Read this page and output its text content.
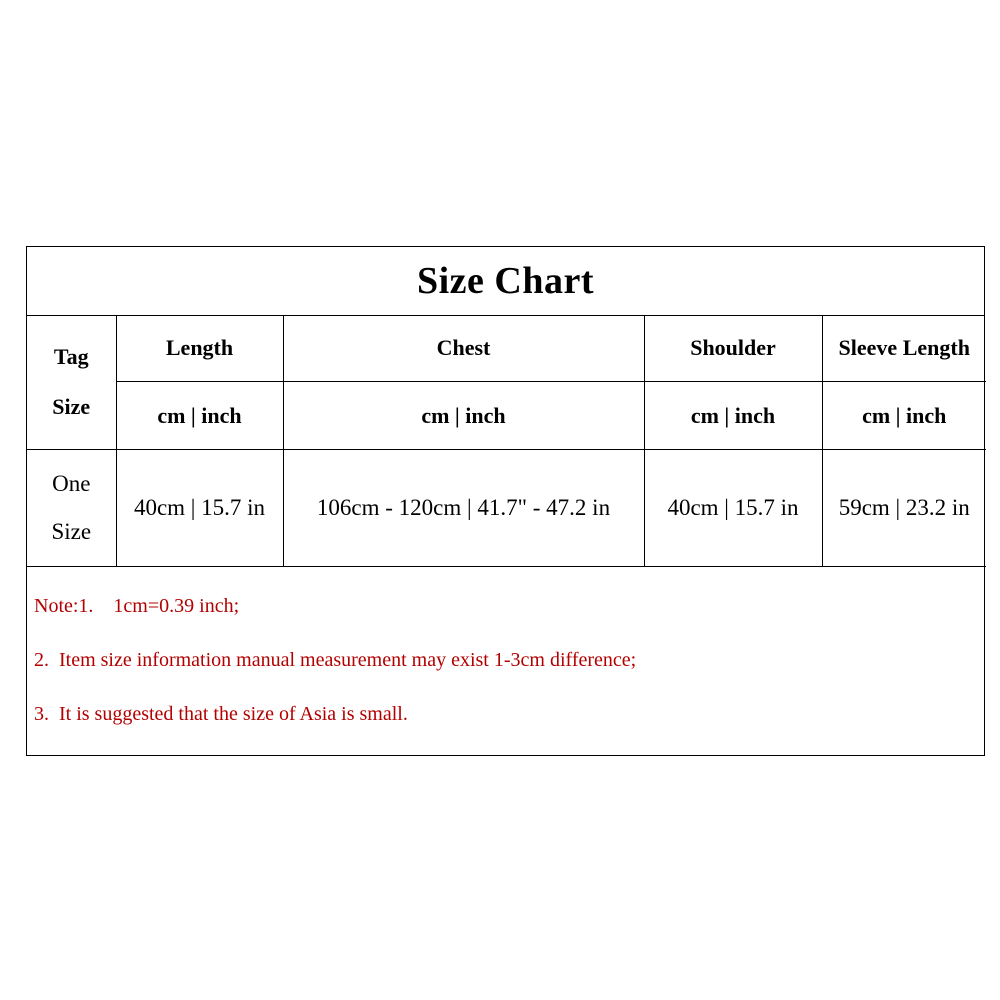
Size Chart
Tag
Size	Length	Chest	Shoulder	Sleeve Length
	cm | inch	cm | inch	cm | inch	cm | inch

One
Size	40cm | 15.7 in	106cm - 120cm | 41.7" - 47.2 in	40cm | 15.7 in	59cm | 23.2 in
Note:1.    1cm=0.39 inch;
2.  Item size information manual measurement may exist 1-3cm difference;
3.  It is suggested that the size of Asia is small.
